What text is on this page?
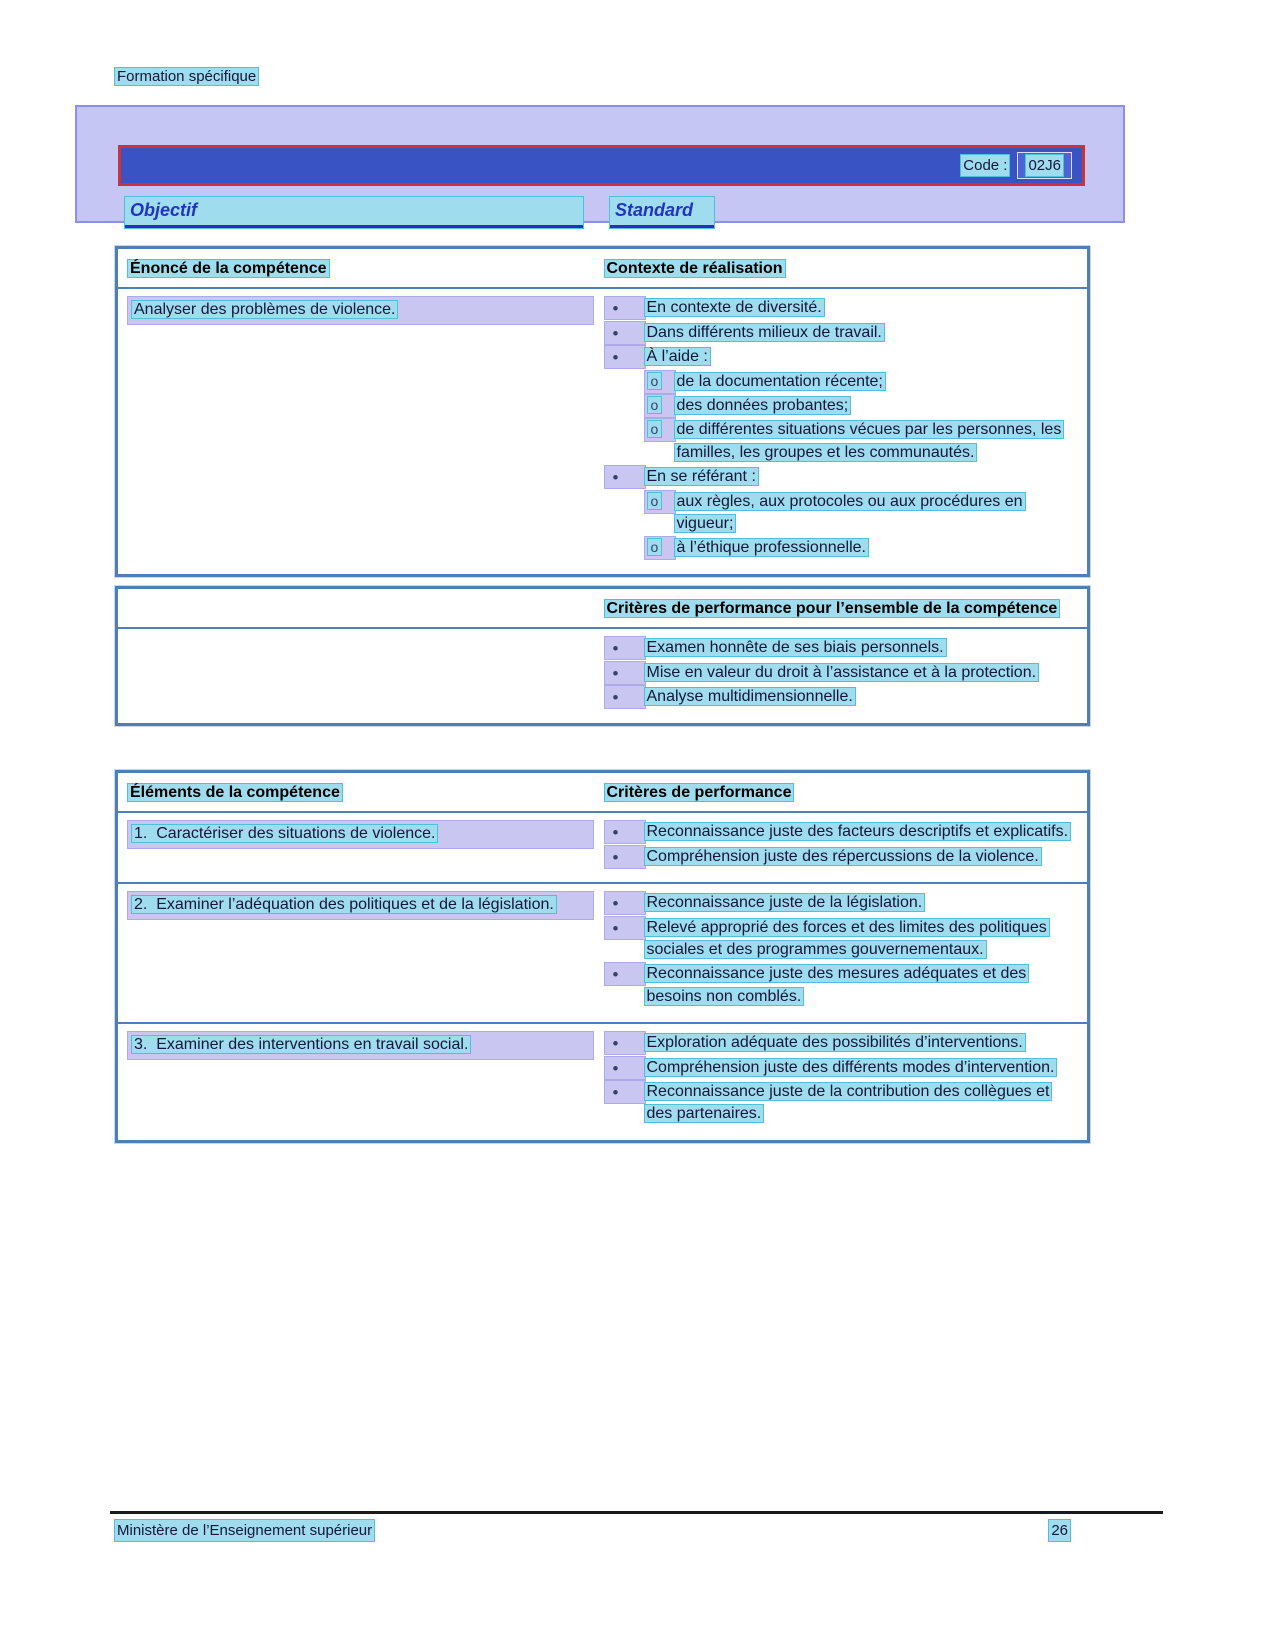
Formation spécifique
Code : 02J6
Objectif	Standard
Énoncé de la compétence	Contexte de réalisation
Analyser des problèmes de violence. •	En contexte de diversité.
•
Dans différents milieux de travail.
•
À l’aide :
o
de la documentation récente;
o
des données probantes;
o
de différentes situations vécues par les personnes, les familles, les groupes et les communautés.
•
En se référant :
o
aux règles, aux protocoles ou aux procédures en vigueur;
o
à l’éthique professionnelle.
Critères de performance pour l’ensemble de la compétence
•
Examen honnête de ses biais personnels.
•
Mise en valeur du droit à l’assistance et à la protection.
•
Analyse multidimensionnelle.
Éléments de la compétence	Critères de performance
1.  Caractériser des situations de violence. •	Reconnaissance juste des facteurs descriptifs et explicatifs.
•
Compréhension juste des répercussions de la violence.
2.  Examiner l’adéquation des politiques et de la législation. •	Reconnaissance juste de la législation.
•
Relevé approprié des forces et des limites des politiques sociales et des programmes gouvernementaux.
•
Reconnaissance juste des mesures adéquates et des besoins non comblés.
3.  Examiner des interventions en travail social. •	Exploration adéquate des possibilités d’interventions.
•
Compréhension juste des différents modes d’intervention.
•
Reconnaissance juste de la contribution des collègues et des partenaires.
Ministère de l’Enseignement supérieur	26
